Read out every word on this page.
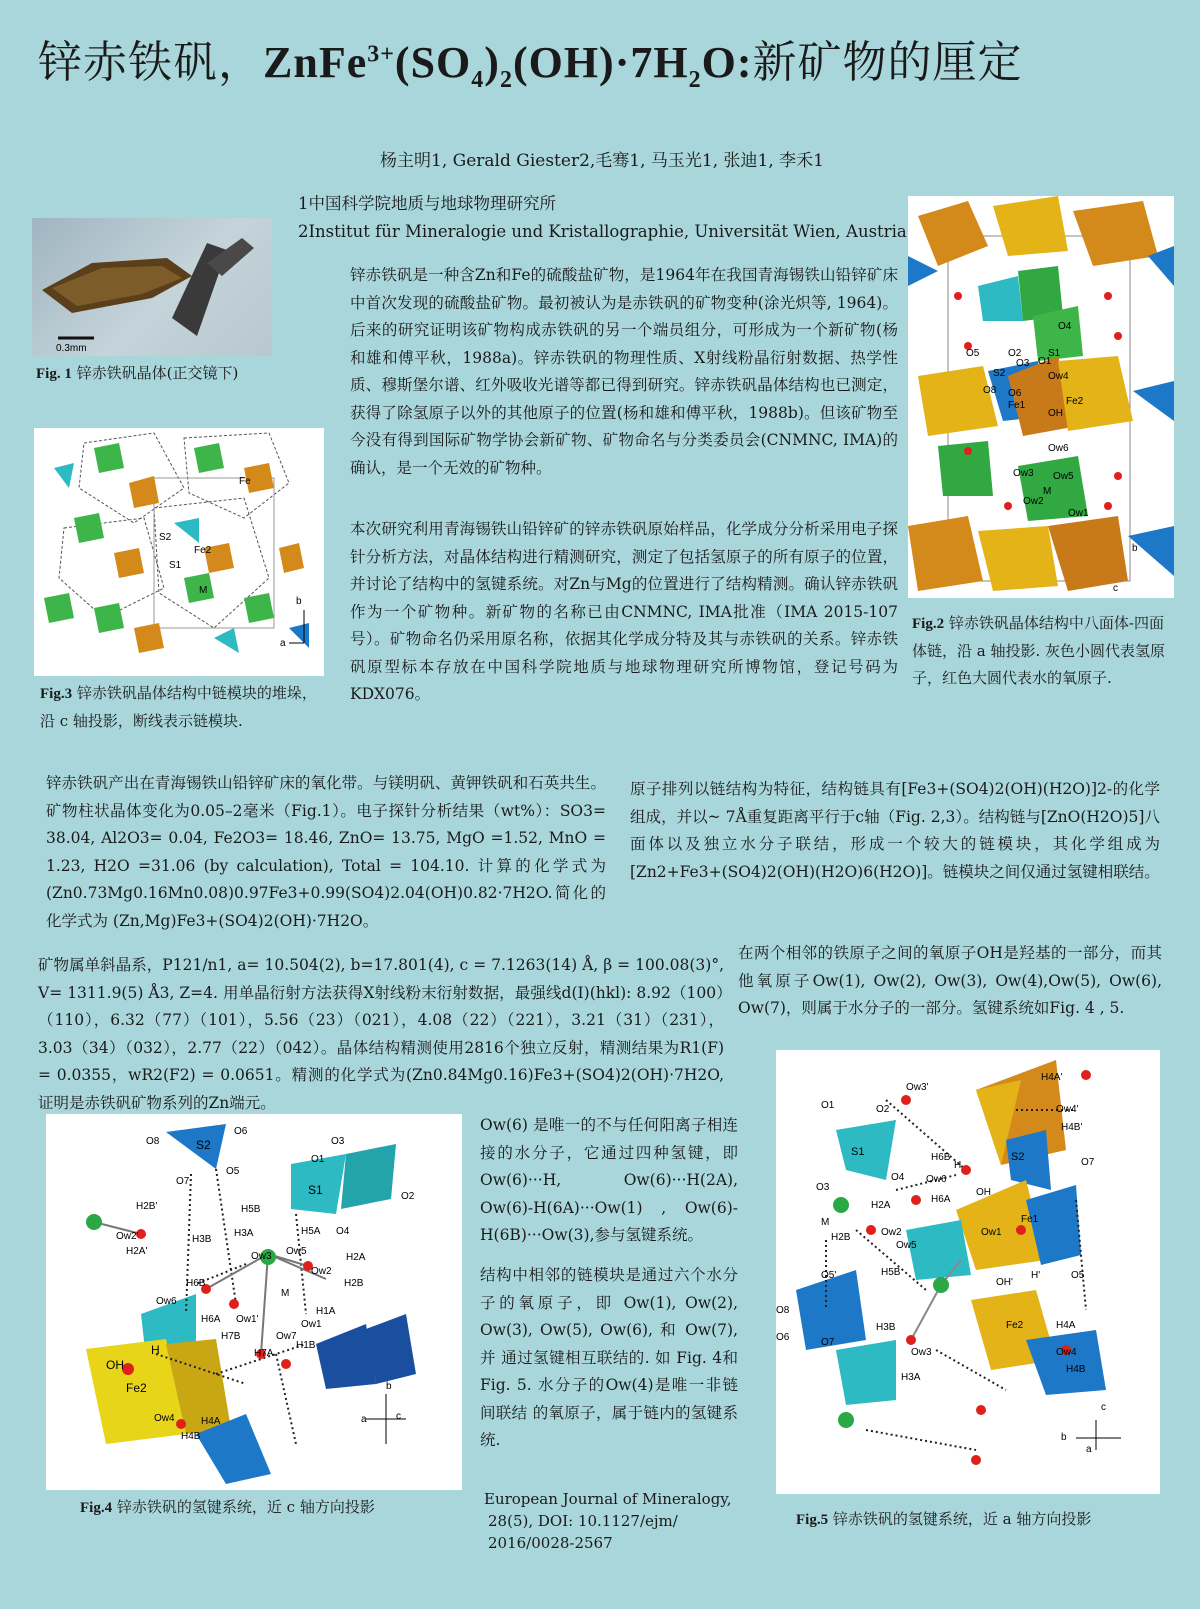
锌赤铁矾，$ZnFe^{3+}(SO_4)_2(OH)\cdot 7H_2O$:新矿物的厘定
杨主明1, Gerald Giester2,毛骞1, 马玉光1, 张迪1, 李禾1
1中国科学院地质与地球物理研究所
2Institut für Mineralogie und Kristallographie, Universität Wien, Austria
0.3mm
Fig. 1 锌赤铁矾晶体(正交镜下)
O4
O5	O2
O3
S1
O1
S2	Ow4
O8 O6
Fe1	Fe2
OH
Ow6
Ow3 Ow5
M
Ow2
Ow1
b
c
Fig.2 锌赤铁矾晶体结构中八面体-四面体链，沿 a 轴投影. 灰色小圆代表氢原子，红色大圆代表水的氧原子.
Fe
S2
Fe2
S1
M
b
a
Fig.3 锌赤铁矾晶体结构中链模块的堆垛，沿 c 轴投影，断线表示链模块.
锌赤铁矾是一种含Zn和Fe的硫酸盐矿物，是1964年在我国青海锡铁山铅锌矿床中首次发现的硫酸盐矿物。最初被认为是赤铁矾的矿物变种(涂光炽等, 1964)。后来的研究证明该矿物构成赤铁矾的另一个端员组分，可形成为一个新矿物(杨和雄和傅平秋，1988a)。锌赤铁矾的物理性质、X射线粉晶衍射数据、热学性质、穆斯堡尔谱、红外吸收光谱等都已得到研究。锌赤铁矾晶体结构也已测定，获得了除氢原子以外的其他原子的位置(杨和雄和傅平秋，1988b)。但该矿物至今没有得到国际矿物学协会新矿物、矿物命名与分类委员会(CNMNC, IMA)的确认，是一个无效的矿物种。
本次研究利用青海锡铁山铅锌矿的锌赤铁矾原始样品，化学成分分析采用电子探针分析方法，对晶体结构进行精测研究，测定了包括氢原子的所有原子的位置，并讨论了结构中的氢键系统。对Zn与Mg的位置进行了结构精测。确认锌赤铁矾作为一个矿物种。新矿物的名称已由CNMNC, IMA批准（IMA 2015-107号）。矿物命名仍采用原名称，依据其化学成分特及其与赤铁矾的关系。锌赤铁矾原型标本存放在中国科学院地质与地球物理研究所博物馆，登记号码为KDX076。
锌赤铁矾产出在青海锡铁山铅锌矿床的氧化带。与镁明矾、黄钾铁矾和石英共生。矿物柱状晶体变化为0.05–2毫米（Fig.1）。电子探针分析结果（wt%）：SO3= 38.04, Al2O3= 0.04, Fe2O3= 18.46, ZnO= 13.75, MgO =1.52, MnO = 1.23, H2O =31.06 (by calculation), Total = 104.10. 计算的化学式为(Zn0.73Mg0.16Mn0.08)0.97Fe3+0.99(SO4)2.04(OH)0.82·7H2O.简化的化学式为 (Zn,Mg)Fe3+(SO4)2(OH)·7H2O。
原子排列以链结构为特征，结构链具有[Fe3+(SO4)2(OH)(H2O)]2-的化学组成，并以~ 7Å重复距离平行于c轴（Fig. 2,3）。结构链与[ZnO(H2O)5]八面体以及独立水分子联结，形成一个较大的链模块，其化学组成为[Zn2+Fe3+(SO4)2(OH)(H2O)6(H2O)]。链模块之间仅通过氢键相联结。
在两个相邻的铁原子之间的氧原子OH是羟基的一部分，而其他氧原子Ow(1), Ow(2), Ow(3), Ow(4),Ow(5), Ow(6), Ow(7)，则属于水分子的一部分。氢键系统如Fig. 4 , 5.
矿物属单斜晶系，P121/n1, a= 10.504(2), b=17.801(4), c = 7.1263(14) Å, β = 100.08(3)°, V= 1311.9(5) Å3, Z=4. 用单晶衍射方法获得X射线粉末衍射数据，最强线d(I)(hkl): 8.92（100）（110），6.32（77）（101），5.56（23）（021），4.08（22）（221），3.21（31）（231），3.03（34）（032），2.77（22）（042）。晶体结构精测使用2816个独立反射，精测结果为R1(F) = 0.0355，wR2(F2) = 0.0651。精测的化学式为(Zn0.84Mg0.16)Fe3+(SO4)2(OH)·7H2O,证明是赤铁矾矿物系列的Zn端元。
Ow(6) 是唯一的不与任何阳离子相连接的水分子，它通过四种氢键，即 Ow(6)···H, Ow(6)···H(2A), Ow(6)-H(6A)···Ow(1) , Ow(6)-H(6B)···Ow(3),参与氢键系统。
结构中相邻的链模块是通过六个水分子的氧原子，即 Ow(1), Ow(2), Ow(3), Ow(5), Ow(6), 和 Ow(7),并 通过氢键相互联结的. 如 Fig. 4和 Fig. 5. 水分子的Ow(4)是唯一非链间联结 的氧原子，属于链内的氢键系统.
O8	S2
O6
O7
O5
O3
O1
S1	O2
H2B'
Ow2'
H2A'
H5B
H3B
H3A
Ow3 Ow5
H5A O4
H2A
Ow2
H2B
H6B
Ow6
M
H6A Ow1'
H1A
Ow7
H7B
Ow1
H1B
OH
H	H7A
Fe2
Ow4	H4A
H4B
b
a	c
Fig.4 锌赤铁矾的氢键系统，近 c 轴方向投影	European Journal of Mineralogy,
28(5), DOI: 10.1127/ejm/
2016/0028-2567
Ow3'
H4A'
O1	O2	Ow4'
H4B'
S1
O3
H6B
O4 Ow6
H
S2	O7
H6A
OH
H2A
M
Ow1
Fe1
H2B	Ow2
Ow5
H5B
O5'	H'	O5
OH'
O8
O6
H3B	Fe2	H4A
O7
Ow3	Ow4
H3A
H4B
c
b
a
Fig.5 锌赤铁矾的氢键系统，近 a 轴方向投影
